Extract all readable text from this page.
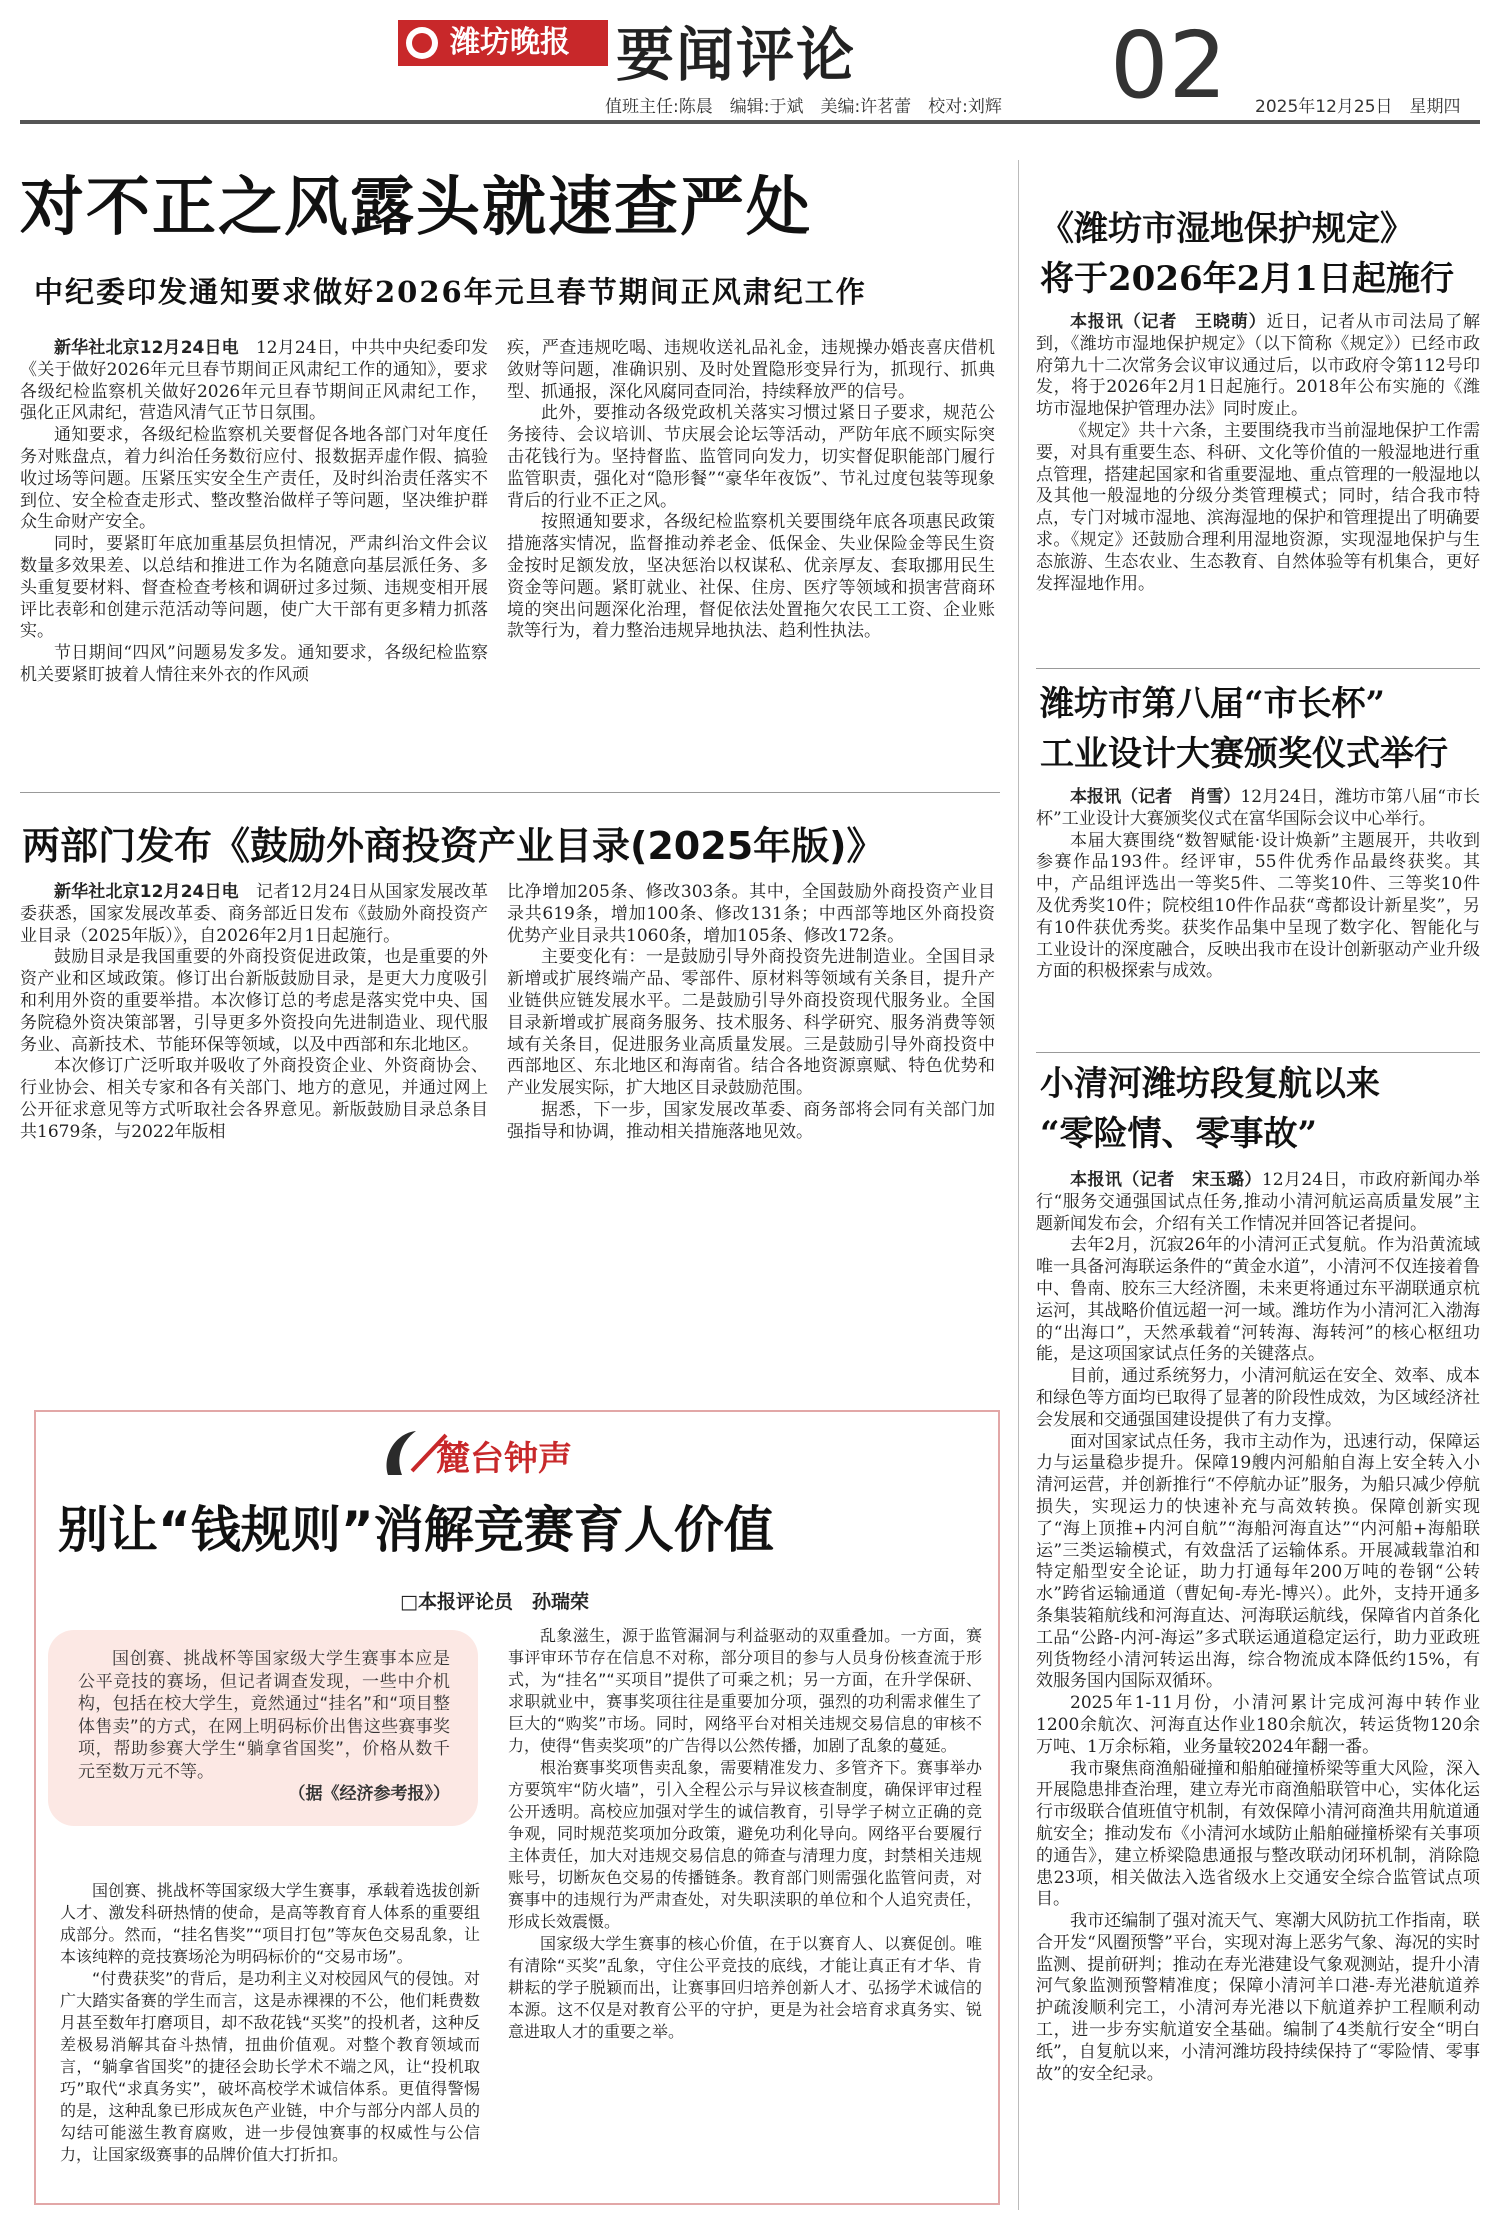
潍坊晚报 要闻评论
值班主任:陈晨　编辑:于斌　美编:许茗蕾　校对:刘辉 02 2025年12月25日　星期四
对不正之风露头就速查严处
中纪委印发通知要求做好2026年元旦春节期间正风肃纪工作

新华社北京12月24日电　 12月24日，中共中央纪委印发《关于做好2026年元旦春节期间正风肃纪工作的通知》，要求各级纪检监察机关做好2026年元旦春节期间正风肃纪工作，强化正风肃纪，营造风清气正节日氛围。

通知要求，各级纪检监察机关要督促各地各部门对年度任务对账盘点，着力纠治任务数衍应付、报数据弄虚作假、搞验收过场等问题。压紧压实安全生产责任，及时纠治责任落实不到位、安全检查走形式、整改整治做样子等问题，坚决维护群众生命财产安全。

同时，要紧盯年底加重基层负担情况，严肃纠治文件会议数量多效果差、以总结和推进工作为名随意向基层派任务、多头重复要材料、督查检查考核和调研过多过频、违规变相开展评比表彰和创建示范活动等问题，使广大干部有更多精力抓落实。

节日期间“四风”问题易发多发。通知要求，各级纪检监察机关要紧盯披着人情往来外衣的作风顽

疾，严查违规吃喝、违规收送礼品礼金，违规操办婚丧喜庆借机敛财等问题，准确识别、及时处置隐形变异行为，抓现行、抓典型、抓通报，深化风腐同查同治，持续释放严的信号。

此外，要推动各级党政机关落实习惯过紧日子要求，规范公务接待、会议培训、节庆展会论坛等活动，严防年底不顾实际突击花钱行为。坚持督监、监管同向发力，切实督促职能部门履行监管职责，强化对“隐形餐”“豪华年夜饭”、节礼过度包装等现象背后的行业不正之风。

按照通知要求，各级纪检监察机关要围绕年底各项惠民政策措施落实情况，监督推动养老金、低保金、失业保险金等民生资金按时足额发放，坚决惩治以权谋私、优亲厚友、套取挪用民生资金等问题。紧盯就业、社保、住房、医疗等领域和损害营商环境的突出问题深化治理，督促依法处置拖欠农民工工资、企业账款等行为，着力整治违规异地执法、趋利性执法。

两部门发布《鼓励外商投资产业目录(2025年版)》

新华社北京12月24日电　 记者12月24日从国家发展改革委获悉，国家发展改革委、商务部近日发布《鼓励外商投资产业目录（2025年版）》，自2026年2月1日起施行。

鼓励目录是我国重要的外商投资促进政策，也是重要的外资产业和区域政策。修订出台新版鼓励目录，是更大力度吸引和利用外资的重要举措。本次修订总的考虑是落实党中央、国务院稳外资决策部署，引导更多外资投向先进制造业、现代服务业、高新技术、节能环保等领域，以及中西部和东北地区。

本次修订广泛听取并吸收了外商投资企业、外资商协会、行业协会、相关专家和各有关部门、地方的意见，并通过网上公开征求意见等方式听取社会各界意见。新版鼓励目录总条目共1679条，与2022年版相

比净增加205条、修改303条。其中，全国鼓励外商投资产业目录共619条，增加100条、修改131条；中西部等地区外商投资优势产业目录共1060条，增加105条、修改172条。

主要变化有：一是鼓励引导外商投资先进制造业。全国目录新增或扩展终端产品、零部件、原材料等领域有关条目，提升产业链供应链发展水平。二是鼓励引导外商投资现代服务业。全国目录新增或扩展商务服务、技术服务、科学研究、服务消费等领域有关条目，促进服务业高质量发展。三是鼓励引导外商投资中西部地区、东北地区和海南省。结合各地资源禀赋、特色优势和产业发展实际，扩大地区目录鼓励范围。

据悉，下一步，国家发展改革委、商务部将会同有关部门加强指导和协调，推动相关措施落地见效。

麓台钟声
别让“钱规则”消解竞赛育人价值
□本报评论员　孙瑞荣

国创赛、挑战杯等国家级大学生赛事本应是公平竞技的赛场，但记者调查发现，一些中介机构，包括在校大学生，竟然通过“挂名”和“项目整体售卖”的方式，在网上明码标价出售这些赛事奖项，帮助参赛大学生“躺拿省国奖”，价格从数千元至数万元不等。

（据《经济参考报》）

国创赛、挑战杯等国家级大学生赛事，承载着选拔创新人才、激发科研热情的使命，是高等教育育人体系的重要组成部分。然而，“挂名售奖”“项目打包”等灰色交易乱象，让本该纯粹的竞技赛场沦为明码标价的“交易市场”。

“付费获奖”的背后，是功利主义对校园风气的侵蚀。对广大踏实备赛的学生而言，这是赤裸裸的不公，他们耗费数月甚至数年打磨项目，却不敌花钱“买奖”的投机者，这种反差极易消解其奋斗热情，扭曲价值观。对整个教育领域而言，“躺拿省国奖”的捷径会助长学术不端之风，让“投机取巧”取代“求真务实”，破坏高校学术诚信体系。更值得警惕的是，这种乱象已形成灰色产业链，中介与部分内部人员的勾结可能滋生教育腐败，进一步侵蚀赛事的权威性与公信力，让国家级赛事的品牌价值大打折扣。

乱象滋生，源于监管漏洞与利益驱动的双重叠加。一方面，赛事评审环节存在信息不对称，部分项目的参与人员身份核查流于形式，为“挂名”“买项目”提供了可乘之机；另一方面，在升学保研、求职就业中，赛事奖项往往是重要加分项，强烈的功利需求催生了巨大的“购奖”市场。同时，网络平台对相关违规交易信息的审核不力，使得“售卖奖项”的广告得以公然传播，加剧了乱象的蔓延。

根治赛事奖项售卖乱象，需要精准发力、多管齐下。赛事举办方要筑牢“防火墙”，引入全程公示与异议核查制度，确保评审过程公开透明。高校应加强对学生的诚信教育，引导学子树立正确的竞争观，同时规范奖项加分政策，避免功利化导向。网络平台要履行主体责任，加大对违规交易信息的筛查与清理力度，封禁相关违规账号，切断灰色交易的传播链条。教育部门则需强化监管问责，对赛事中的违规行为严肃查处，对失职渎职的单位和个人追究责任，形成长效震慑。

国家级大学生赛事的核心价值，在于以赛育人、以赛促创。唯有清除“买奖”乱象，守住公平竞技的底线，才能让真正有才华、肯耕耘的学子脱颖而出，让赛事回归培养创新人才、弘扬学术诚信的本源。这不仅是对教育公平的守护，更是为社会培育求真务实、锐意进取人才的重要之举。

《潍坊市湿地保护规定》
将于2026年2月1日起施行

本报讯（记者　王晓萌）近日，记者从市司法局了解到，《潍坊市湿地保护规定》（以下简称《规定》）已经市政府第九十二次常务会议审议通过后，以市政府令第112号印发，将于2026年2月1日起施行。2018年公布实施的《潍坊市湿地保护管理办法》同时废止。

《规定》共十六条，主要围绕我市当前湿地保护工作需要，对具有重要生态、科研、文化等价值的一般湿地进行重点管理，搭建起国家和省重要湿地、重点管理的一般湿地以及其他一般湿地的分级分类管理模式；同时，结合我市特点，专门对城市湿地、滨海湿地的保护和管理提出了明确要求。《规定》还鼓励合理利用湿地资源，实现湿地保护与生态旅游、生态农业、生态教育、自然体验等有机集合，更好发挥湿地作用。

潍坊市第八届“市长杯”
工业设计大赛颁奖仪式举行

本报讯（记者　肖雪）12月24日，潍坊市第八届“市长杯”工业设计大赛颁奖仪式在富华国际会议中心举行。

本届大赛围绕“数智赋能·设计焕新”主题展开，共收到参赛作品193件。经评审，55件优秀作品最终获奖。其中，产品组评选出一等奖5件、二等奖10件、三等奖10件及优秀奖10件；院校组10件作品获“鸢都设计新星奖”，另有10件获优秀奖。获奖作品集中呈现了数字化、智能化与工业设计的深度融合，反映出我市在设计创新驱动产业升级方面的积极探索与成效。

小清河潍坊段复航以来
“零险情、零事故”

本报讯（记者　宋玉璐）12月24日，市政府新闻办举行“服务交通强国试点任务,推动小清河航运高质量发展”主题新闻发布会，介绍有关工作情况并回答记者提问。

去年2月，沉寂26年的小清河正式复航。作为沿黄流域唯一具备河海联运条件的“黄金水道”，小清河不仅连接着鲁中、鲁南、胶东三大经济圈，未来更将通过东平湖联通京杭运河，其战略价值远超一河一域。潍坊作为小清河汇入渤海的“出海口”，天然承载着“河转海、海转河”的核心枢纽功能，是这项国家试点任务的关键落点。

目前，通过系统努力，小清河航运在安全、效率、成本和绿色等方面均已取得了显著的阶段性成效，为区域经济社会发展和交通强国建设提供了有力支撑。

面对国家试点任务，我市主动作为，迅速行动，保障运力与运量稳步提升。保障19艘内河船舶自海上安全转入小清河运营，并创新推行“不停航办证”服务，为船只减少停航损失，实现运力的快速补充与高效转换。保障创新实现了“海上顶推+内河自航”“海船河海直达”“内河船+海船联运”三类运输模式，有效盘活了运输体系。开展减载靠泊和特定船型安全论证，助力打通每年200万吨的卷钢“公转水”跨省运输通道（曹妃甸-寿光-博兴）。此外，支持开通多条集装箱航线和河海直达、河海联运航线，保障省内首条化工品“公路-内河-海运”多式联运通道稳定运行，助力亚政班列货物经小清河转运出海，综合物流成本降低约15%，有效服务国内国际双循环。

2025年1-11月份，小清河累计完成河海中转作业1200余航次、河海直达作业180余航次，转运货物120余万吨、1万余标箱，业务量较2024年翻一番。

我市聚焦商渔船碰撞和船舶碰撞桥梁等重大风险，深入开展隐患排查治理，建立寿光市商渔船联管中心，实体化运行市级联合值班值守机制，有效保障小清河商渔共用航道通航安全；推动发布《小清河水域防止船舶碰撞桥梁有关事项的通告》，建立桥梁隐患通报与整改联动闭环机制，消除隐患23项，相关做法入选省级水上交通安全综合监管试点项目。

我市还编制了强对流天气、寒潮大风防抗工作指南，联合开发“风圈预警”平台，实现对海上恶劣气象、海况的实时监测、提前研判；推动在寿光港建设气象观测站，提升小清河气象监测预警精准度；保障小清河羊口港-寿光港航道养护疏浚顺利完工，小清河寿光港以下航道养护工程顺利动工，进一步夯实航道安全基础。编制了4类航行安全“明白纸”，自复航以来，小清河潍坊段持续保持了“零险情、零事故”的安全纪录。
